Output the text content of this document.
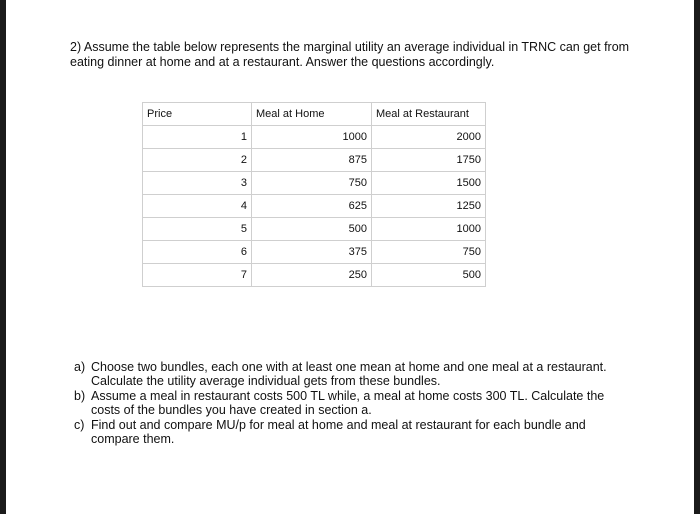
2) Assume the table below represents the marginal utility an average individual in TRNC can get from eating dinner at home and at a restaurant. Answer the questions accordingly.

Price	Meal at Home	Meal at Restaurant
1	1000	2000
2	875	1750
3	750	1500
4	625	1250
5	500	1000
6	375	750
7	250	500
a) Choose two bundles, each one with at least one mean at home and one meal at a restaurant. Calculate the utility average individual gets from these bundles.
b) Assume a meal in restaurant costs 500 TL while, a meal at home costs 300 TL. Calculate the costs of the bundles you have created in section a.
c) Find out and compare MU/p for meal at home and meal at restaurant for each bundle and compare them.
